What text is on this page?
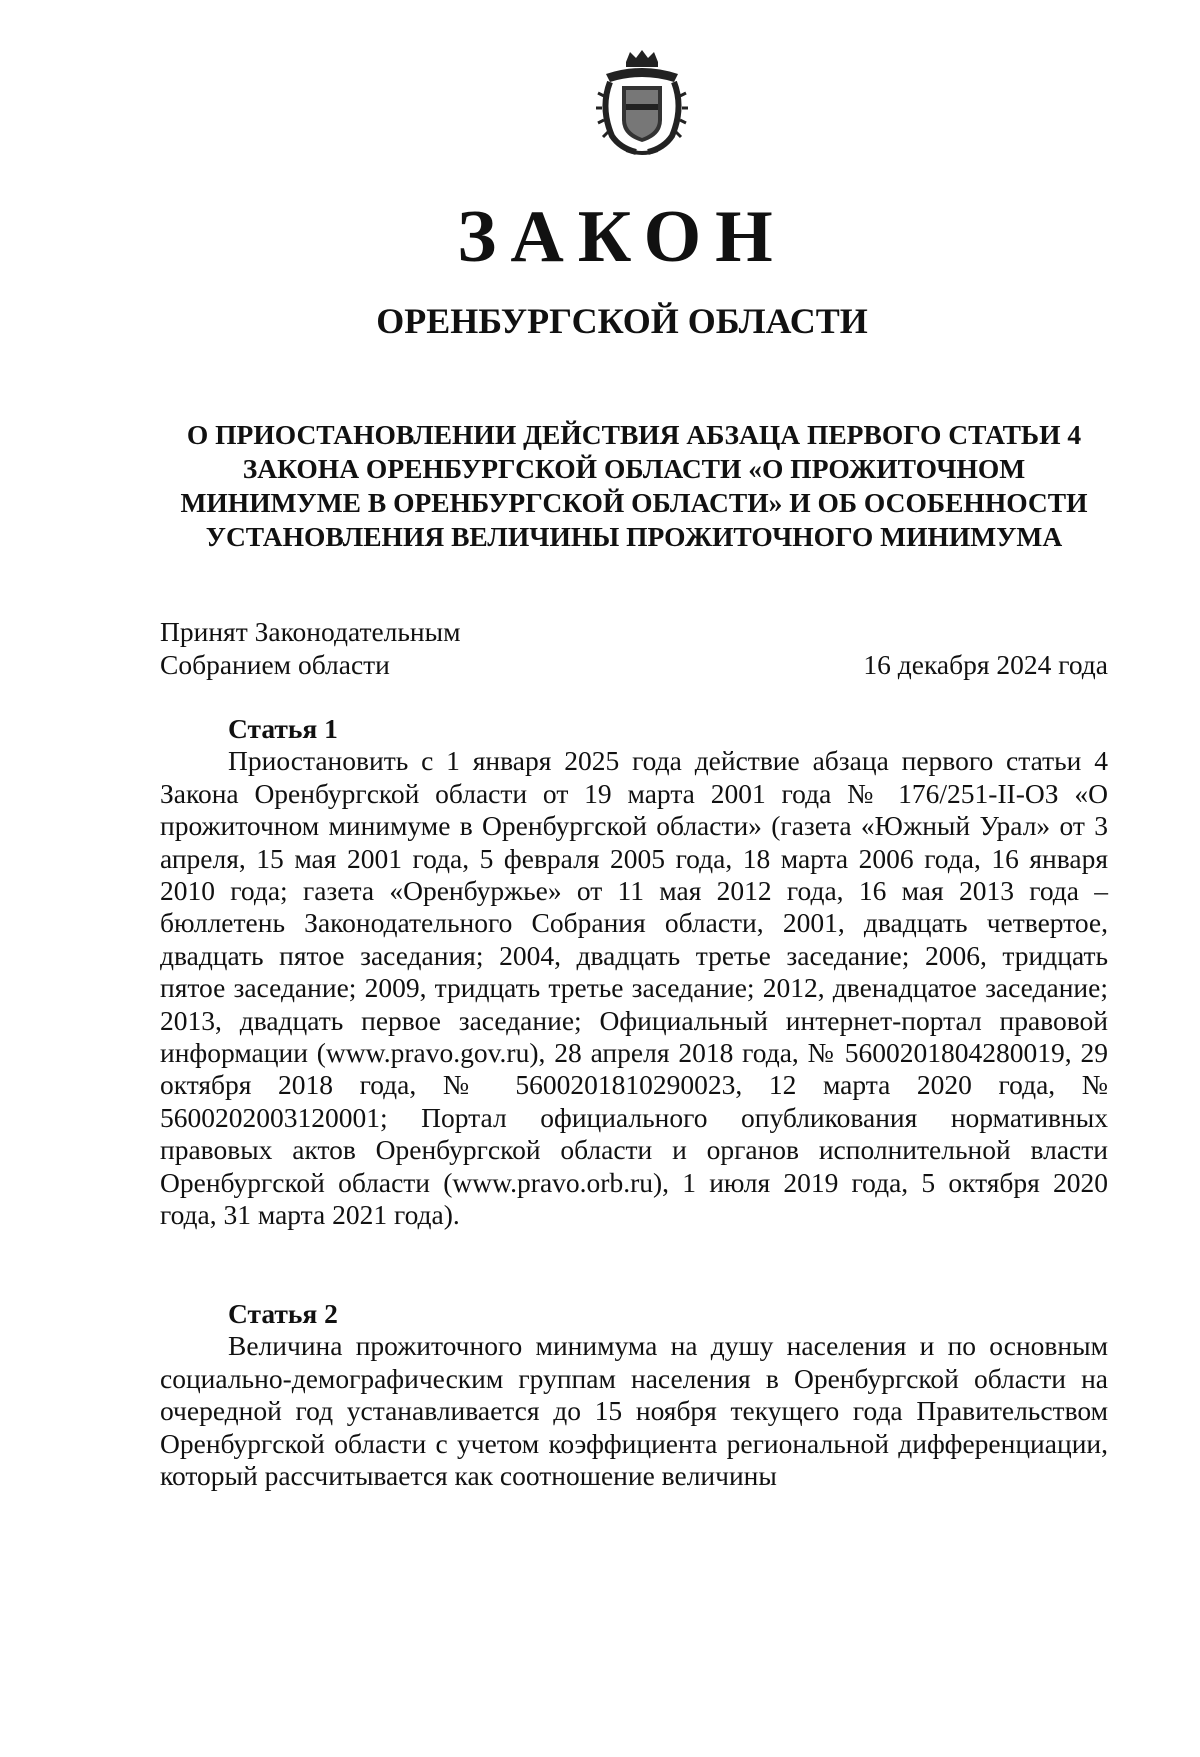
ЗАКОН
ОРЕНБУРГСКОЙ ОБЛАСТИ
О ПРИОСТАНОВЛЕНИИ ДЕЙСТВИЯ АБЗАЦА ПЕРВОГО СТАТЬИ 4 ЗАКОНА ОРЕНБУРГСКОЙ ОБЛАСТИ «О ПРОЖИТОЧНОМ МИНИМУМЕ В ОРЕНБУРГСКОЙ ОБЛАСТИ» И ОБ ОСОБЕННОСТИ УСТАНОВЛЕНИЯ ВЕЛИЧИНЫ ПРОЖИТОЧНОГО МИНИМУМА
Принят Законодательным
Собранием области	16 декабря 2024 года
Статья 1

Приостановить с 1 января 2025 года действие абзаца первого статьи 4 Закона Оренбургской области от 19 марта 2001 года № 176/251-II-ОЗ «О прожиточном минимуме в Оренбургской области» (газета «Южный Урал» от 3 апреля, 15 мая 2001 года, 5 февраля 2005 года, 18 марта 2006 года, 16 января 2010 года; газета «Оренбуржье» от 11 мая 2012 года, 16 мая 2013 года – бюллетень Законодательного Собрания области, 2001, двадцать четвертое, двадцать пятое заседания; 2004, двадцать третье заседание; 2006, тридцать пятое заседание; 2009, тридцать третье заседание; 2012, двенадцатое заседание; 2013, двадцать первое заседание; Официальный интернет-портал правовой информации (www.pravo.gov.ru), 28 апреля 2018 года, № 5600201804280019, 29 октября 2018 года, № 5600201810290023, 12 марта 2020 года, № 5600202003120001; Портал официального опубликования нормативных правовых актов Оренбургской области и органов исполнительной власти Оренбургской области (www.pravo.orb.ru), 1 июля 2019 года, 5 октября 2020 года, 31 марта 2021 года).

Статья 2

Величина прожиточного минимума на душу населения и по основным социально-демографическим группам населения в Оренбургской области на очередной год устанавливается до 15 ноября текущего года Правительством Оренбургской области с учетом коэффициента региональной дифференциации, который рассчитывается как соотношение величины
